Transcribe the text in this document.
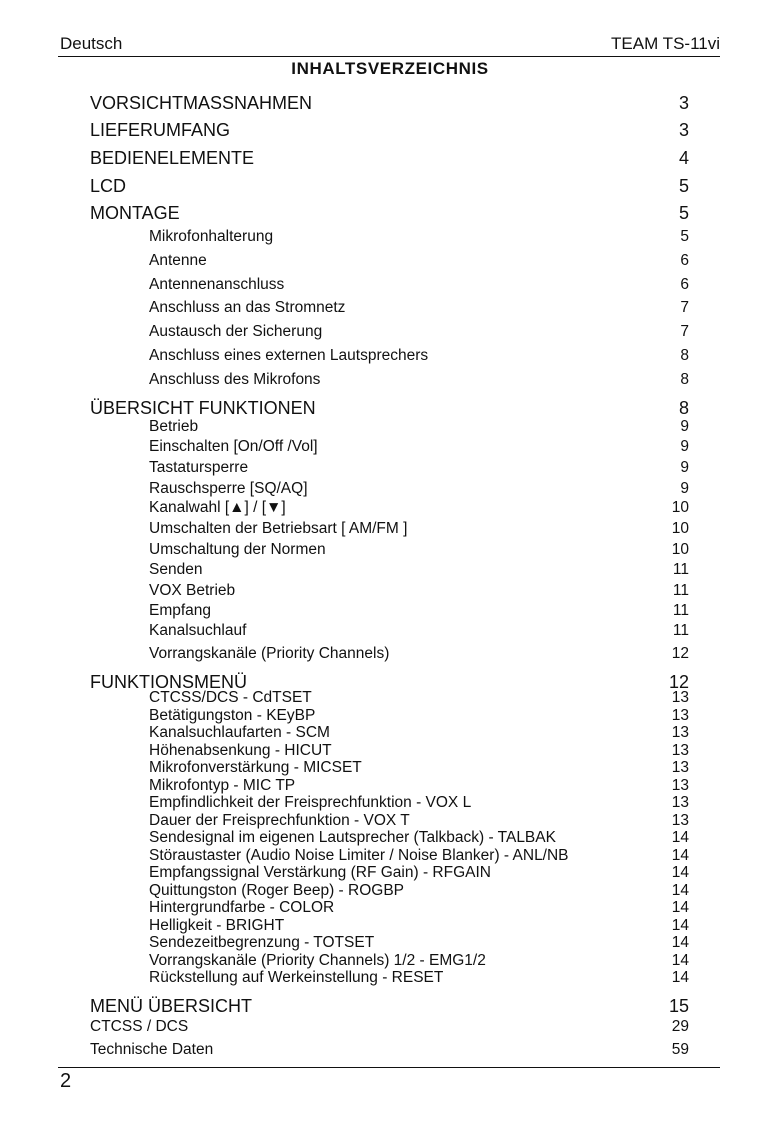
Deutsch	TEAM TS-11vi
INHALTSVERZEICHNIS
VORSICHTMASSNAHMEN	3
LIEFERUMFANG	3
BEDIENELEMENTE	4
LCD	5
MONTAGE	5
Mikrofonhalterung	5
Antenne	6
Antennenanschluss	6
Anschluss an das Stromnetz	7
Austausch der Sicherung	7
Anschluss eines externen Lautsprechers	8
Anschluss des Mikrofons	8
ÜBERSICHT FUNKTIONEN	8
Betrieb	9
Einschalten [On/Off /Vol]	9
Tastatursperre	9
Rauschsperre [SQ/AQ]	9
Kanalwahl [▲] / [▼]	10
Umschalten der Betriebsart [ AM/FM ]	10
Umschaltung der Normen	10
Senden	11
VOX Betrieb	11
Empfang	11
Kanalsuchlauf	11
Vorrangskanäle (Priority Channels)	12
FUNKTIONSMENÜ	12
CTCSS/DCS - CdTSET	13
Betätigungston - KEyBP	13
Kanalsuchlaufarten - SCM	13
Höhenabsenkung - HICUT	13
Mikrofonverstärkung - MICSET	13
Mikrofontyp - MIC TP	13
Empfindlichkeit der Freisprechfunktion - VOX L	13
Dauer der Freisprechfunktion - VOX T	13
Sendesignal im eigenen Lautsprecher (Talkback) - TALBAK	14
Störaustaster (Audio Noise Limiter / Noise Blanker) - ANL/NB	14
Empfangssignal Verstärkung (RF Gain) - RFGAIN	14
Quittungston (Roger Beep) - ROGBP	14
Hintergrundfarbe - COLOR	14
Helligkeit - BRIGHT	14
Sendezeitbegrenzung - TOTSET	14
Vorrangskanäle (Priority Channels) 1/2 - EMG1/2	14
Rückstellung auf Werkeinstellung - RESET	14
MENÜ ÜBERSICHT	15
CTCSS / DCS	29
Technische Daten	59
2
